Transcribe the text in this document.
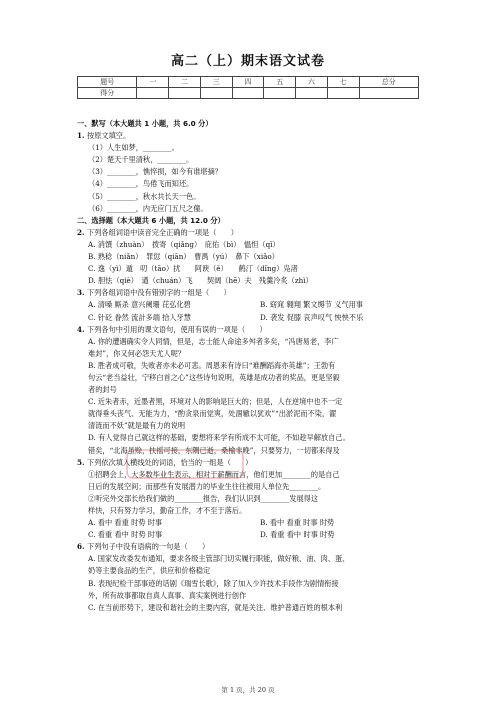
高二（上）期末语文试卷
题号	一	二	三	四	五	六	七	总分
得分								
一、默写（本大题共 1 小题，共 6.0 分）
1. 按原文填空。
（1）人生如梦，________。
（2）楚天千里清秋，________。
（3）________，憔悴损，如今有谁堪摘？
（4）________，鸟倦飞而知还。
（5）________，秋水共长天一色。
（6）________，内无应门五尺之僮。
二、选择题（本大题共 6 小题，共 12.0 分）
2. 下列各组词语中读音完全正确的一项是（　　）
A. 消馔（zhuàn）　拨寄（qiǎng）　庇佑（bì）　愠怛（qǐ）
B. 熟稔（niǎn）　罪愆（qiān）　曹禺（yú）　鼻下（xiǎo）
C. 逸（yì）遁　叨（tāo）扰　　阿谀（ě）　　鹤汀（dǐng）凫渚
D. 胆怯（qiè）　遒（chuán）飞　　契阔（hē）夫　残羹冷炙（zhì）
3. 下列各组词语中没有错别字的一组是（　　）
A. 清嗓 厮杀 意兴阑珊 芘弘化碧	B. 窈窕 翱翔 繁文缛节 义气用事
C. 针砭 眷然 流計多端 拾人牙慧	D. 袭发 促膝 哀声叹气 怏怏不乐
4. 下列各句中引用的课文语句，使用有误的一项是（　　）
A. 你的遭遇确实令人同情，但是，志士能人命途多舛者多矣，“冯唐易老，李广
难封”，你又何必怨天尤人呢？
B. 胜者成可敬，失败者亦未必可悲。周恩来有诗曰“难酬蹈海亦英雄”；王勃有
句云“老当益壮，宁移白首之心”这些诗句说明，英雄是成功者的奖品，更是坚毅
者的封号
C. 近朱者赤，近墨者黑，环境对人的影响是巨大的；但是，人在逆境中也不一定
就得垂头丧气、无能为力，“酌贪泉而觉爽，处涸辙以犹欢”“出淤泥而不染，濯
清涟而不妖”就是最有力的说明
D. 有人觉得自己就这样的基础，要想将来学有所成不太可能，不如趁早解放自己。
错矣，“北海虽赊，扶摇可接，东隅已逝，桑榆非晚”，只要努力，一切都来得及
5. 下列依次填入横线处的词语，恰当的一组是（　　）
①招聘会上，大多数毕业生表示，相对于薪酬而言，他们更加________的是自己
日后的发展空间；而那些有发展潜力的毕业生往往被用人单位先________。
②听完外交部长给我们做的________报告，我们认识到________发展得这
样快，只有努力学习，勤奋工作，才不至于落后。
A. 看中 看重 时势 时事	B. 看中 看重 时事 时势
C. 看重 看中 时势 时事	D. 看重 看中 时事 时势
6. 下列句子中没有语病的一句是（　　）
A. 国家发改委发布通知，要求各级主管部门切实履行职能，做好粮、油、肉、蛋、
奶等主要食品的生产，供应和价格稳定
B. 表现纪检干部事迹的话剧《瑞雪长歌》，除了加入少许技术手段作为剧情衔接
外，所有故事都取自真人真事、真实案例进行创作
C. 在当前形势下，建设和谐社会的主要内容，就是关注、维护普通百姓的根本利
第 1 页，共 20 页
